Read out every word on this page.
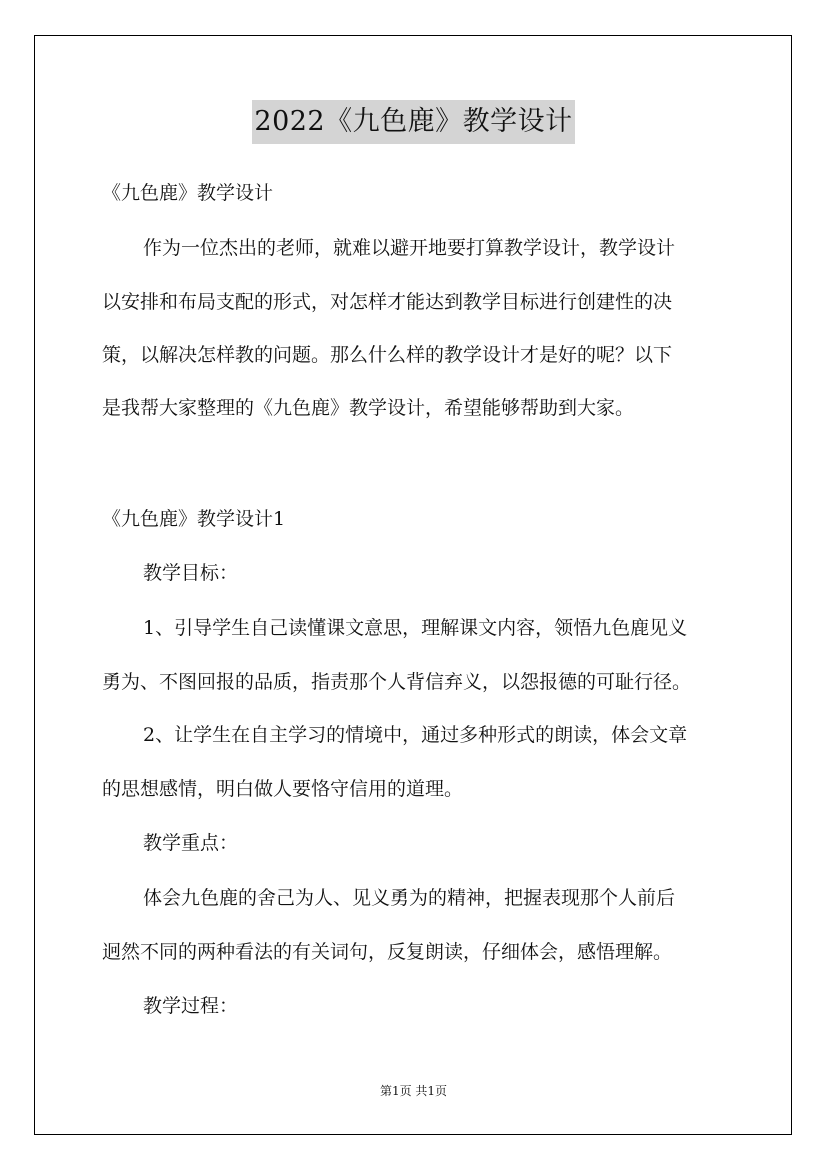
2022《九色鹿》教学设计
《九色鹿》教学设计
作为一位杰出的老师，就难以避开地要打算教学设计，教学设计
以安排和布局支配的形式，对怎样才能达到教学目标进行创建性的决
策，以解决怎样教的问题。那么什么样的教学设计才是好的呢？以下
是我帮大家整理的《九色鹿》教学设计，希望能够帮助到大家。
《九色鹿》教学设计1
教学目标：
1、引导学生自己读懂课文意思，理解课文内容，领悟九色鹿见义
勇为、不图回报的品质，指责那个人背信弃义，以怨报德的可耻行径。
2、让学生在自主学习的情境中，通过多种形式的朗读，体会文章
的思想感情，明白做人要恪守信用的道理。
教学重点：
体会九色鹿的舍己为人、见义勇为的精神，把握表现那个人前后
迥然不同的两种看法的有关词句，反复朗读，仔细体会，感悟理解。
教学过程：
第1页 共1页
